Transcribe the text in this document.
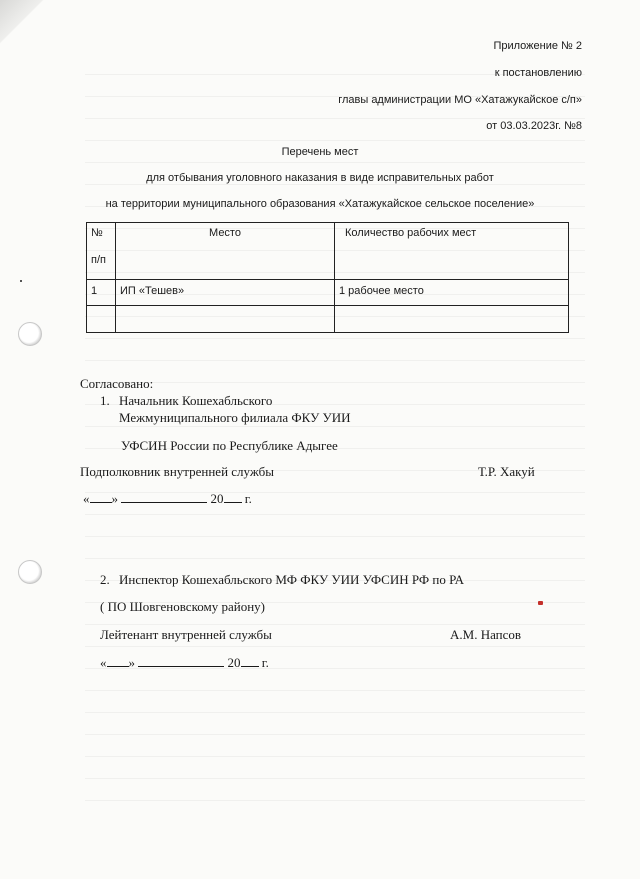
Приложение № 2
к постановлению
главы администрации МО «Хатажукайское с/п»
от 03.03.2023г. №8
Перечень мест
для отбывания уголовного наказания в виде исправительных работ
на территории муниципального образования «Хатажукайское сельское поселение»
№
п/п	Место	Количество рабочих мест
1	ИП «Тешев»	1 рабочее место

Согласовано:
1. Начальник Кошехабльского
Межмуниципального филиала ФКУ УИИ
УФСИН России по Республике Адыгее
Подполковник внутренней службы	Т.Р. Хакуй
« »	20 г.
2. Инспектор Кошехабльского МФ ФКУ УИИ УФСИН РФ по РА
( ПО Шовгеновскому району)
Лейтенант внутренней службы	А.М. Напсов
« »	20 г.
